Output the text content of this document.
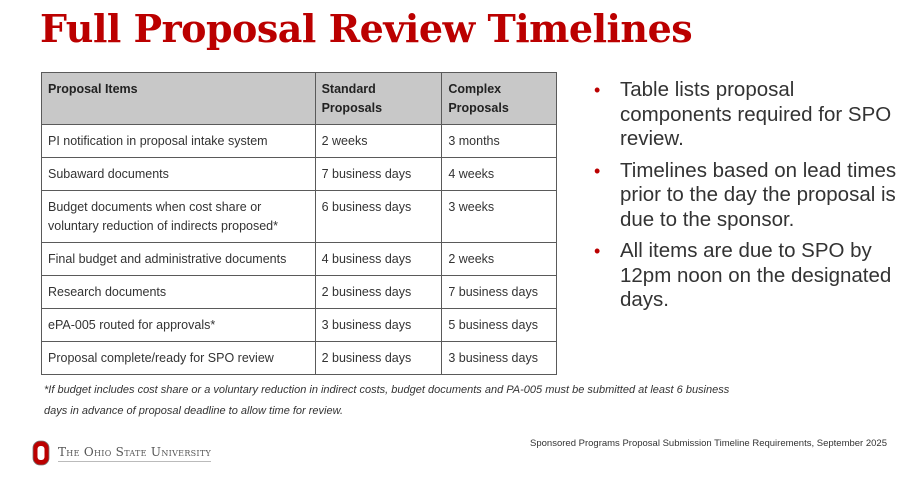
Full Proposal Review Timelines
Proposal Items	Standard Proposals	Complex Proposals
PI notification in proposal intake system	2 weeks	3 months
Subaward documents	7 business days	4 weeks
Budget documents when cost share or voluntary reduction of indirects proposed*	6 business days	3 weeks
Final budget and administrative documents	4 business days	2 weeks
Research documents	2 business days	7 business days
ePA-005 routed for approvals*	3 business days	5 business days
Proposal complete/ready for SPO review	2 business days	3 business days
• Table lists proposal components required for SPO review.
• Timelines based on lead times prior to the day the proposal is due to the sponsor.
• All items are due to SPO by 12pm noon on the designated days.
*If budget includes cost share or a voluntary reduction in indirect costs, budget documents and PA-005 must be submitted at least 6 business days in advance of proposal deadline to allow time for review.
The Ohio State University
Sponsored Programs Proposal Submission Timeline Requirements, September 2025
